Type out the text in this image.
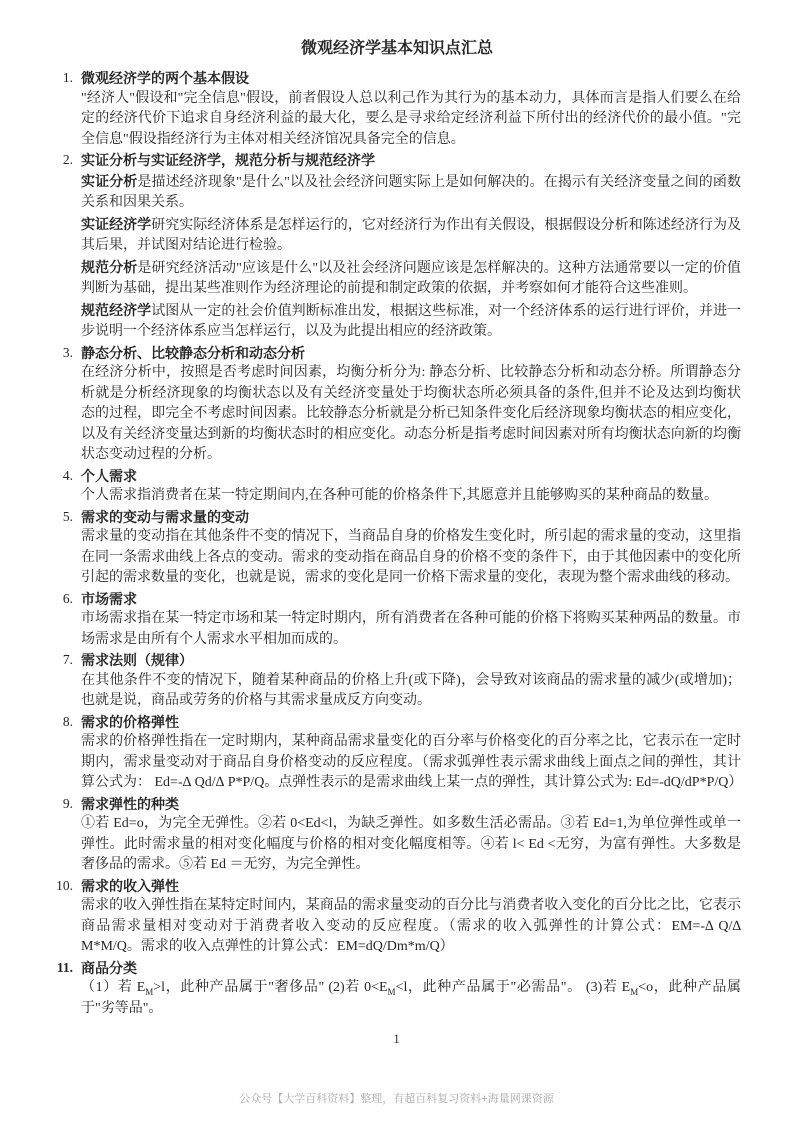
微观经济学基本知识点汇总
1. 微观经济学的两个基本假设

"经济人"假设和"完全信息"假设，前者假设人总以利己作为其行为的基本动力，具体而言是指人们要么在给定的经济代价下追求自身经济利益的最大化，要么是寻求给定经济利益下所付出的经济代价的最小值。"完全信息"假设指经济行为主体对相关经济馆况具备完全的信息。

2. 实证分析与实证经济学，规范分析与规范经济学

实证分析是描述经济现象"是什么"以及社会经济问题实际上是如何解决的。在揭示有关经济变量之间的函数关系和因果关系。

实证经济学研究实际经济体系是怎样运行的，它对经济行为作出有关假设，根据假设分析和陈述经济行为及其后果，并试图对结论进行检验。

规范分析是研究经济活动"应该是什么"以及社会经济问题应该是怎样解决的。这种方法通常要以一定的价值判断为基础，提出某些准则作为经济理论的前提和制定政策的依据，并考察如何才能符合这些准则。

规范经济学试图从一定的社会价值判断标准出发，根据这些标准，对一个经济体系的运行进行评价，并进一步说明一个经济体系应当怎样运行，以及为此提出相应的经济政策。

3. 静态分析、比较静态分析和动态分析

在经济分析中，按照是否考虑时间因素，均衡分析分为: 静态分析、比较静态分析和动态分桥。所谓静态分析就是分析经济现象的均衡状态以及有关经济变量处于均衡状态所必须具备的条件,但并不论及达到均衡状态的过程，即完全不考虑时间因素。比较静态分析就是分析已知条件变化后经济现象均衡状态的相应变化，以及有关经济变量达到新的均衡状态时的相应变化。动态分析是指考虑时间因素对所有均衡状态向新的均衡状态变动过程的分析。

4. 个人需求

个人需求指消费者在某一特定期间内,在各种可能的价格条件下,其愿意并且能够购买的某种商品的数量。

5. 需求的变动与需求量的变动

需求量的变动指在其他条件不变的情况下，当商品自身的价格发生变化时，所引起的需求量的变动，这里指在同一条需求曲线上各点的变动。需求的变动指在商品自身的价格不变的条件下，由于其他因素中的变化所引起的需求数量的变化，也就是说，需求的变化是同一价格下需求量的变化，表现为整个需求曲线的移动。

6. 市场需求

市场需求指在某一特定市场和某一特定时期内，所有消费者在各种可能的价格下将购买某种两品的数量。市场需求是由所有个人需求水平相加而成的。

7. 需求法则（规律）

在其他条件不变的情况下，随着某种商品的价格上升(或下降)，会导致对该商品的需求量的减少(或增加)；也就是说，商品或劳务的价格与其需求量成反方向变动。

8. 需求的价格弹性

需求的价格弹性指在一定时期内，某种商品需求量变化的百分率与价格变化的百分率之比，它表示在一定时期内，需求量变动对于商品自身价格变动的反应程度。（需求弧弹性表示需求曲线上面点之间的弹性，其计算公式为： Ed=-∆ Qd/∆ P*P/Q。点弹性表示的是需求曲线上某一点的弹性，其计算公式为: Ed=-dQ/dP*P/Q）

9. 需求弹性的种类

①若 Ed=o，为完全无弹性。②若 0<Ed<l，为缺乏弹性。如多数生活必需品。③若 Ed=1,为单位弹性或单一弹性。此时需求量的相对变化幅度与价格的相对变化幅度相等。④若 l< Ed <无穷，为富有弹性。大多数是奢侈品的需求。⑤若 Ed ＝无穷，为完全弹性。

10. 需求的收入弹性

需求的收入弹性指在某特定时间内，某商品的需求量变动的百分比与消费者收入变化的百分比之比，它表示商品需求量相对变动对于消费者收入变动的反应程度。（需求的收入弧弹性的计算公式：EM=-∆ Q/∆ M*M/Q。需求的收入点弹性的计算公式：EM=dQ/Dm*m/Q）

11. 商品分类

（1）若 $E_M>l$，此种产品属于"奢侈品" (2)若 $0<E_M<l$，此种产品属于"必需品"。 (3)若 $E_M<o$，此种产品属于"劣等品"。

1
公众号【大学百科资料】整理，有超百科复习资料+海量网课资源
